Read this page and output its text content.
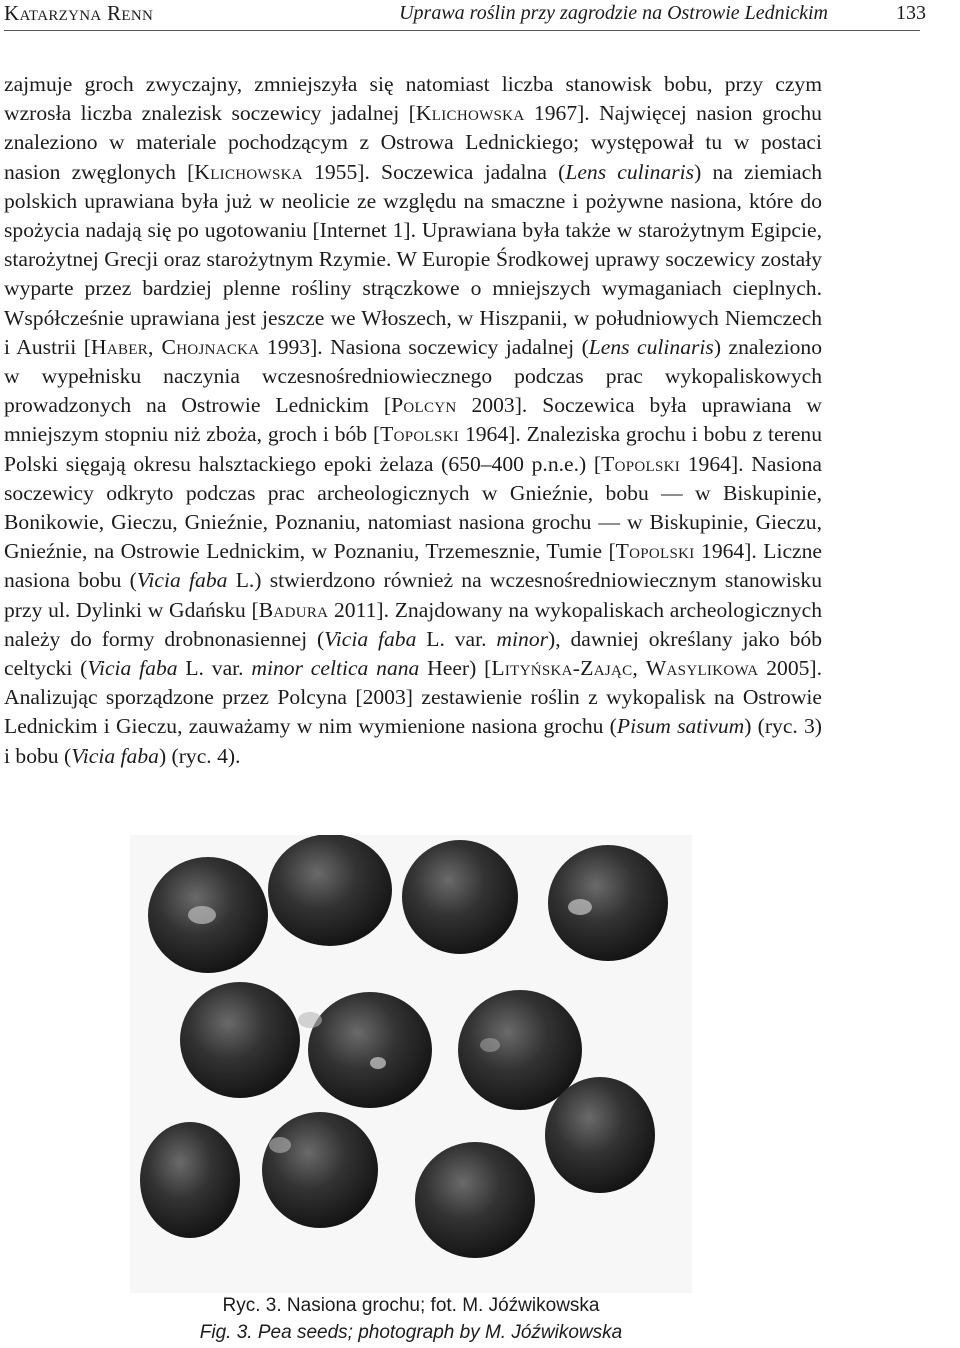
Katarzyna Renn	Uprawa roślin przy zagrodzie na Ostrowie Lednickim	133

zajmuje groch zwyczajny, zmniejszyła się natomiast liczba stanowisk bobu, przy czym wzrosła liczba znalezisk soczewicy jadalnej [Klichowska 1967]. Najwięcej nasion grochu znaleziono w materiale pochodzącym z Ostrowa Lednickiego; występował tu w postaci nasion zwęglonych [Klichowska 1955]. Soczewica jadalna (Lens culinaris) na ziemiach polskich uprawiana była już w neolicie ze względu na smaczne i pożywne nasiona, które do spożycia nadają się po ugotowaniu [Internet 1]. Uprawiana była także w starożytnym Egipcie, starożytnej Grecji oraz starożytnym Rzymie. W Europie Środkowej uprawy soczewicy zostały wyparte przez bardziej plenne rośliny strączkowe o mniejszych wymaganiach cieplnych. Współcześnie uprawiana jest jeszcze we Włoszech, w Hiszpanii, w południowych Niemczech i Austrii [Haber, Chojnacka 1993]. Nasiona soczewicy jadalnej (Lens culinaris) znaleziono w wypełnisku naczynia wczesnośredniowiecznego podczas prac wykopaliskowych prowadzonych na Ostrowie Lednickim [Polcyn 2003]. Soczewica była uprawiana w mniejszym stopniu niż zboża, groch i bób [Topolski 1964]. Znaleziska grochu i bobu z terenu Polski sięgają okresu halsztackiego epoki żelaza (650–400 p.n.e.) [Topolski 1964]. Nasiona soczewicy odkryto podczas prac archeologicznych w Gnieźnie, bobu — w Biskupinie, Bonikowie, Gieczu, Gnieźnie, Poznaniu, natomiast nasiona grochu — w Biskupinie, Gieczu, Gnieźnie, na Ostrowie Lednickim, w Poznaniu, Trzemesznie, Tumie [Topolski 1964]. Liczne nasiona bobu (Vicia faba L.) stwierdzono również na wczesnośredniowiecznym stanowisku przy ul. Dylinki w Gdańsku [Badura 2011]. Znajdowany na wykopaliskach archeologicznych należy do formy drobnonasiennej (Vicia faba L. var. minor), dawniej określany jako bób celtycki (Vicia faba L. var. minor celtica nana Heer) [Lityńska-Zając, Wasylikowa 2005]. Analizując sporządzone przez Polcyna [2003] zestawienie roślin z wykopalisk na Ostrowie Lednickim i Gieczu, zauważamy w nim wymienione nasiona grochu (Pisum sativum) (ryc. 3) i bobu (Vicia faba) (ryc. 4).

Ryc. 3. Nasiona grochu; fot. M. Jóźwikowska
Fig. 3. Pea seeds; photograph by M. Jóźwikowska
